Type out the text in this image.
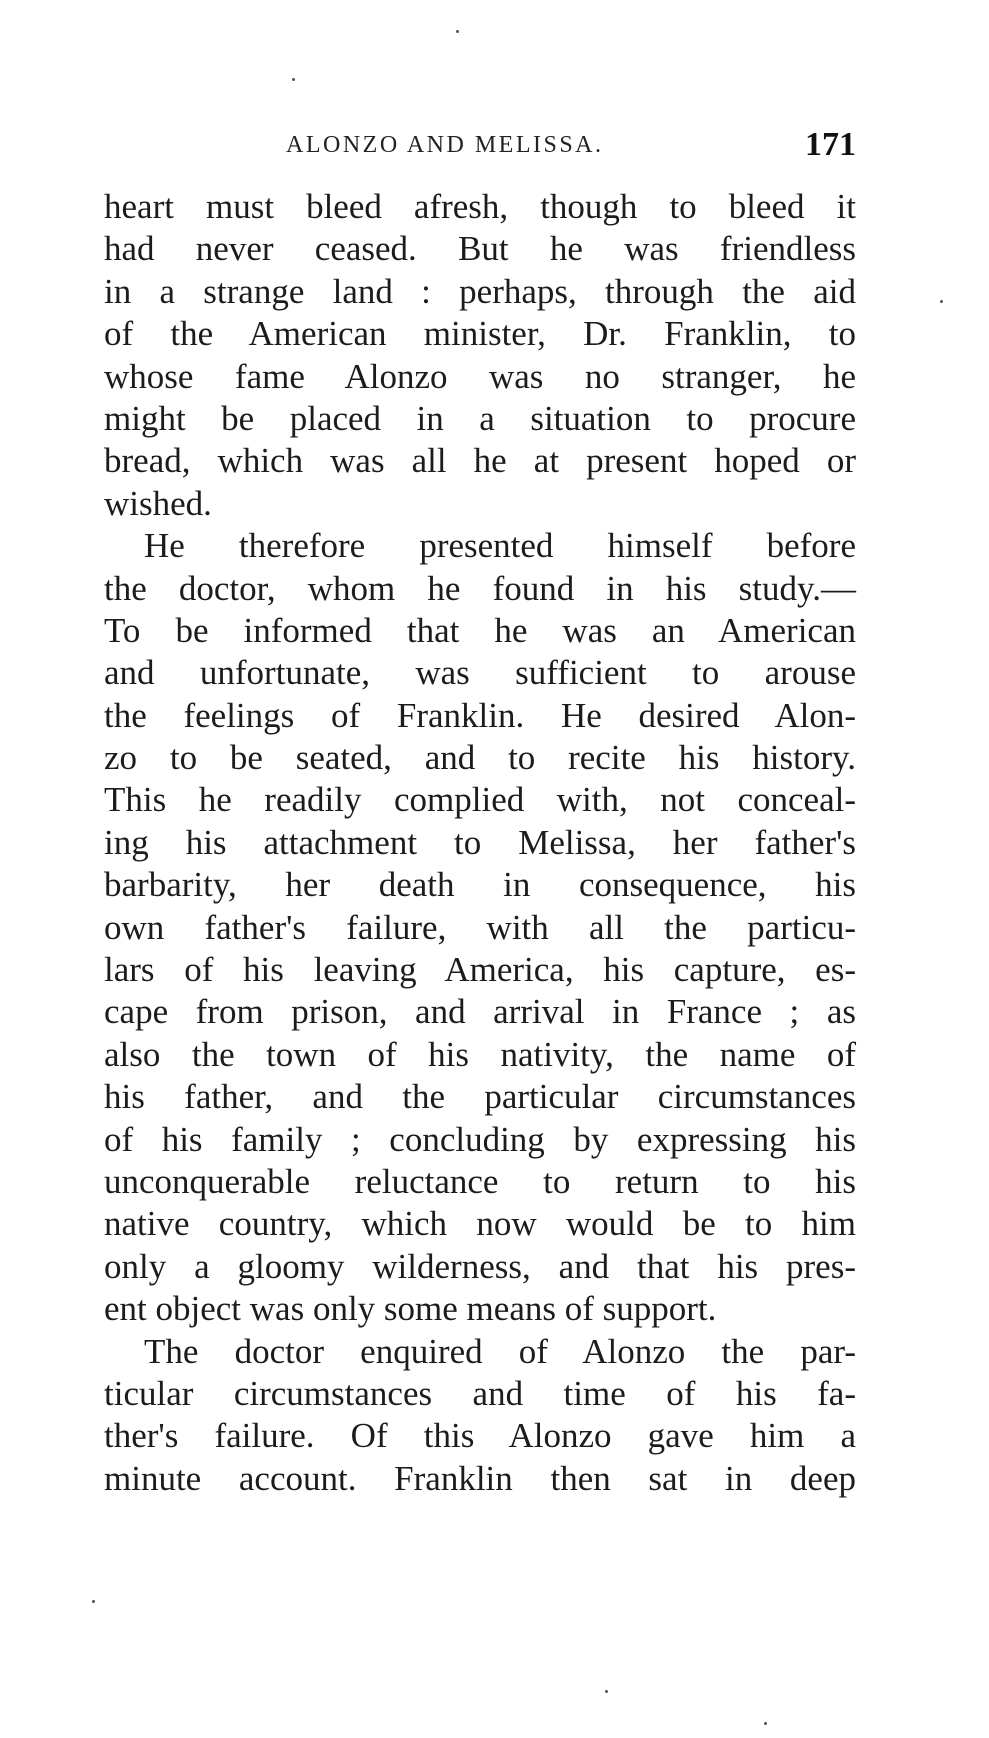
ALONZO AND MELISSA.	171
heart must bleed afresh, though to bleed it
had never ceased. But he was friendless
in a strange land : perhaps, through the aid
of the American minister, Dr. Franklin, to
whose fame Alonzo was no stranger, he
might be placed in a situation to procure
bread, which was all he at present hoped or
wished.
He therefore presented himself before
the doctor, whom he found in his study.—
To be informed that he was an American
and unfortunate, was sufficient to arouse
the feelings of Franklin. He desired Alon-
zo to be seated, and to recite his history.
This he readily complied with, not conceal-
ing his attachment to Melissa, her father's
barbarity, her death in consequence, his
own father's failure, with all the particu-
lars of his leaving America, his capture, es-
cape from prison, and arrival in France ; as
also the town of his nativity, the name of
his father, and the particular circumstances
of his family ; concluding by expressing his
unconquerable reluctance to return to his
native country, which now would be to him
only a gloomy wilderness, and that his pres-
ent object was only some means of support.
The doctor enquired of Alonzo the par-
ticular circumstances and time of his fa-
ther's failure. Of this Alonzo gave him a
minute account. Franklin then sat in deep
